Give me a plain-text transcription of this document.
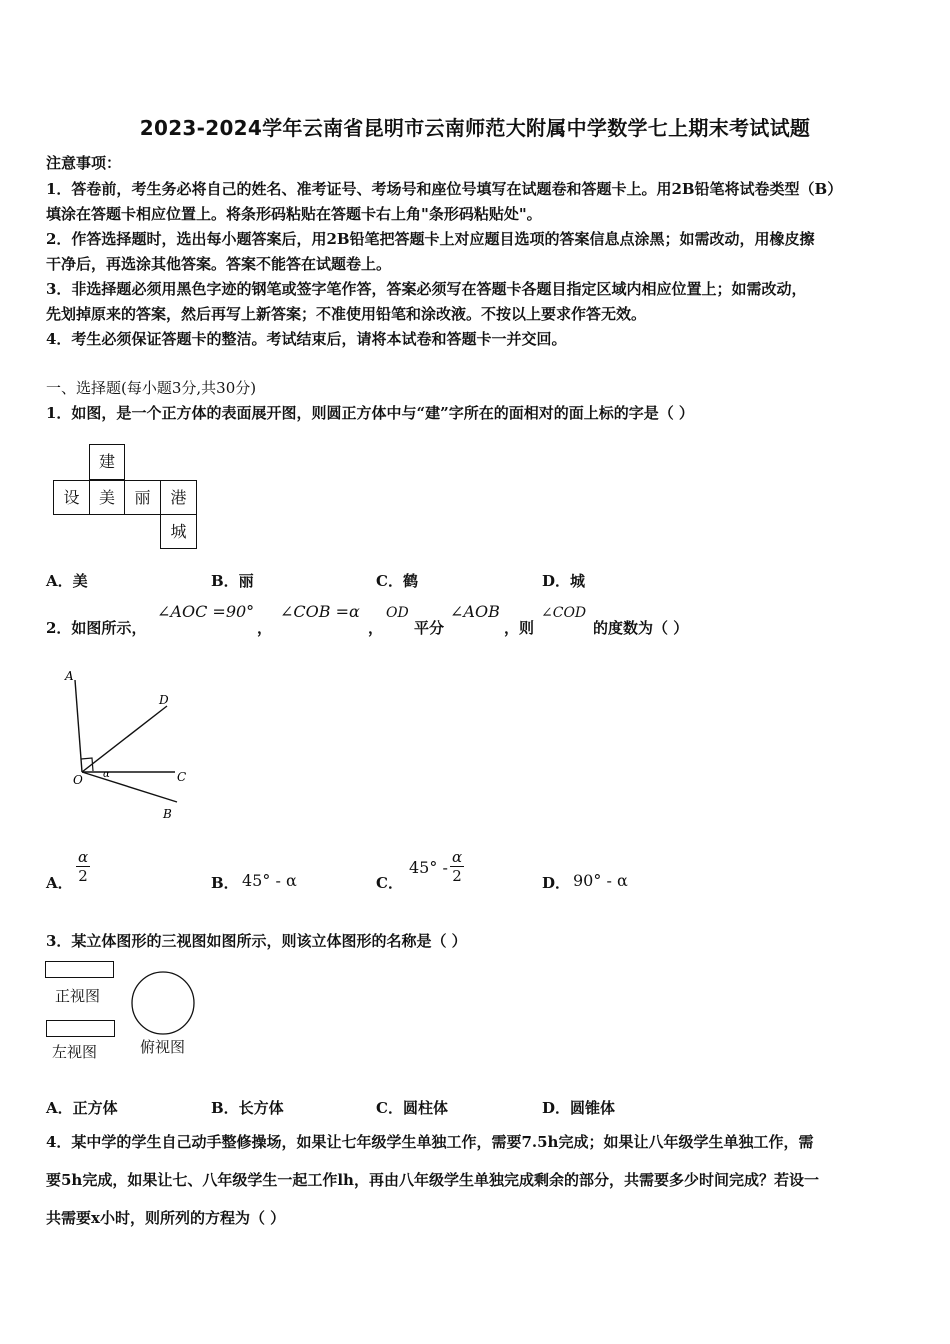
2023-2024学年云南省昆明市云南师范大附属中学数学七上期末考试试题
注意事项：
1．答卷前，考生务必将自己的姓名、准考证号、考场号和座位号填写在试题卷和答题卡上。用2B铅笔将试卷类型（B）
填涂在答题卡相应位置上。将条形码粘贴在答题卡右上角"条形码粘贴处"。
2．作答选择题时，选出每小题答案后，用2B铅笔把答题卡上对应题目选项的答案信息点涂黑；如需改动，用橡皮擦
干净后，再选涂其他答案。答案不能答在试题卷上。
3．非选择题必须用黑色字迹的钢笔或签字笔作答，答案必须写在答题卡各题目指定区域内相应位置上；如需改动，
先划掉原来的答案，然后再写上新答案；不准使用铅笔和涂改液。不按以上要求作答无效。
4．考生必须保证答题卡的整洁。考试结束后，请将本试卷和答题卡一并交回。
一、选择题(每小题3分,共30分)
1．如图，是一个正方体的表面展开图，则圆正方体中与“建”字所在的面相对的面上标的字是（ ）
建
设	美	丽	港
城
A．美	B．丽	C．鹤	D．城
2．如图所示，
∠AOC =90°
，
∠COB =α
，
OD
平分
∠AOB
，则
∠COD
的度数为（ ）
A
D
O α	C
B
A． $\frac{\alpha}{2}$	B． 45° - α	C．
$45^\circ - \frac{\alpha}{2}$	D． 90° - α
3．某立体图形的三视图如图所示，则该立体图形的名称是（ ）
正视图
左视图	俯视图
A．正方体	B．长方体	C．圆柱体	D．圆锥体
4．某中学的学生自己动手整修操场，如果让七年级学生单独工作，需要7.5h完成；如果让八年级学生单独工作，需
要5h完成，如果让七、八年级学生一起工作lh，再由八年级学生单独完成剩余的部分，共需要多少时间完成？若设一
共需要x小时，则所列的方程为（ ）
